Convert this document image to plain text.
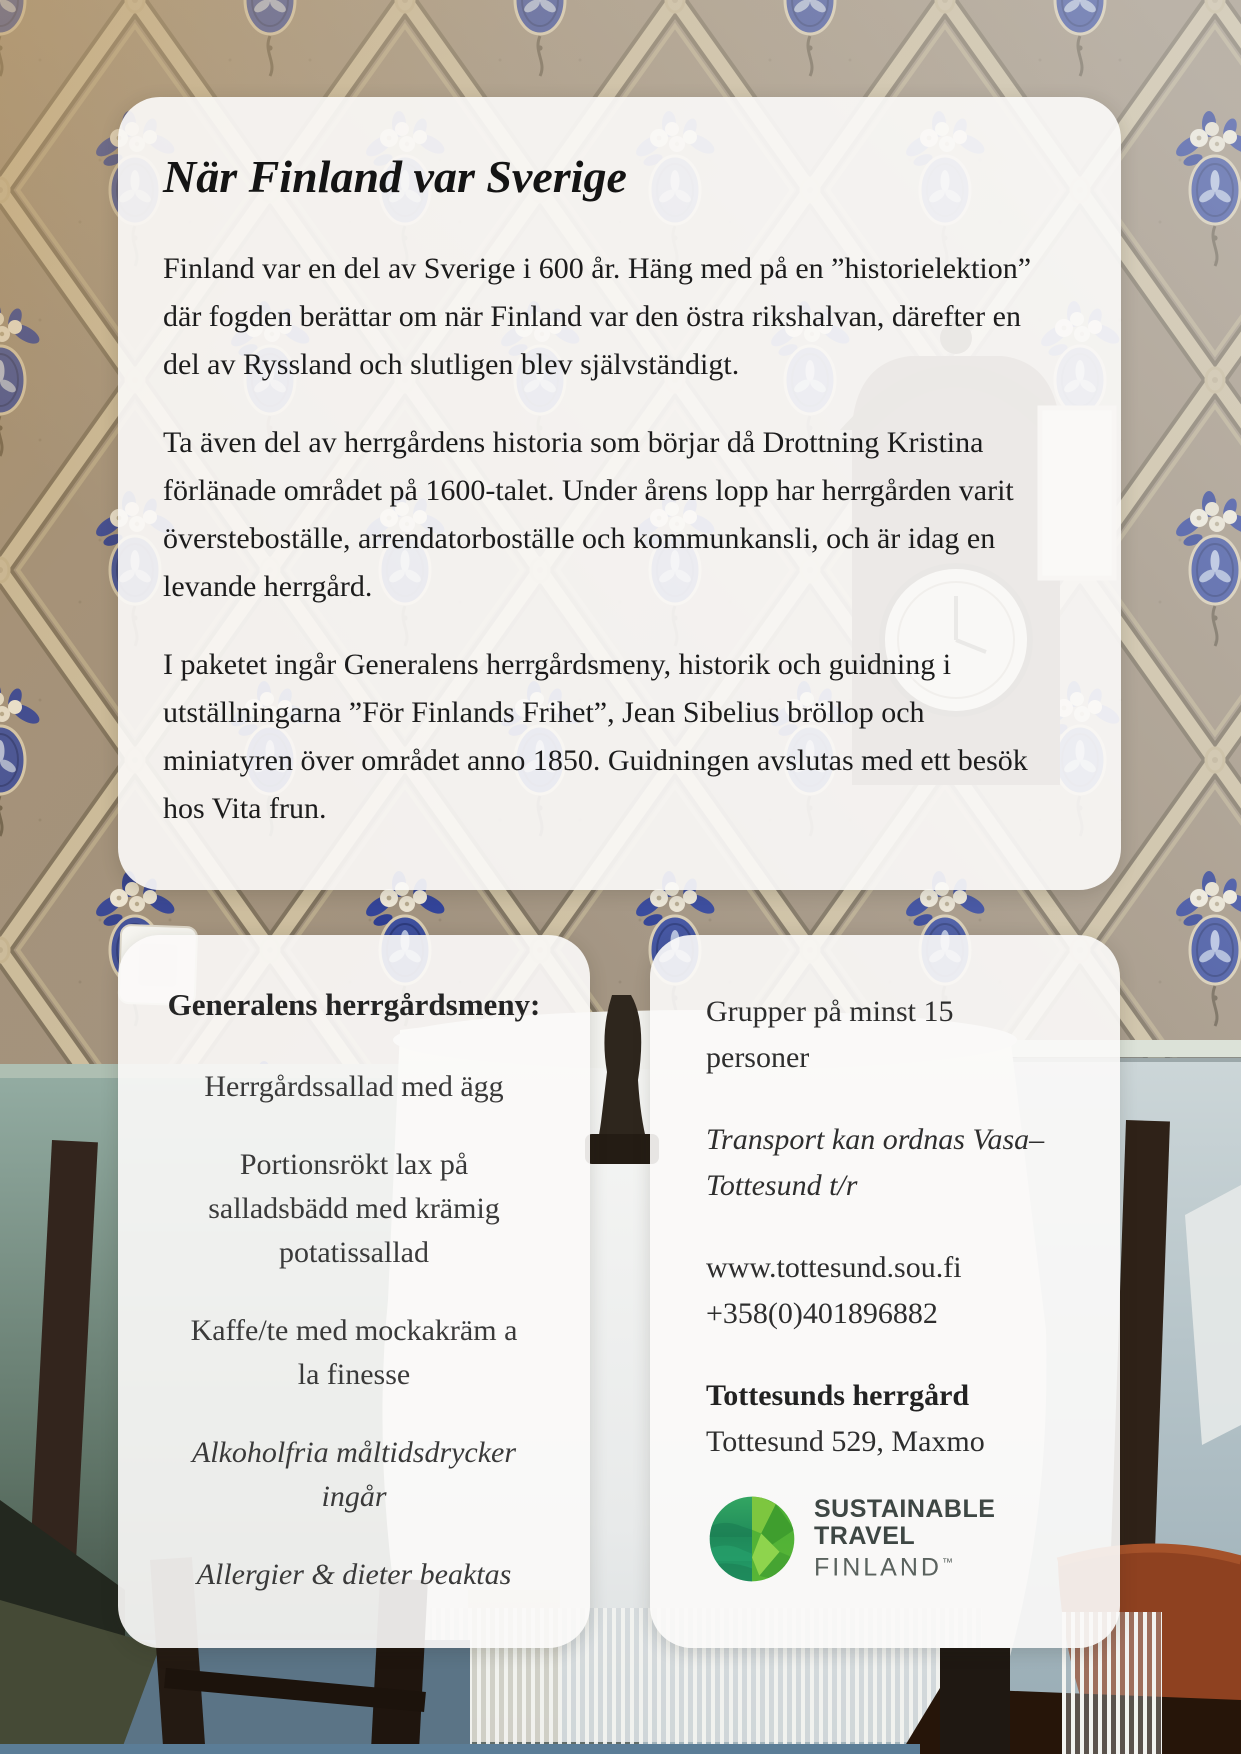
När Finland var Sverige

Finland var en del av Sverige i 600 år. Häng med på en ”historielektion” där fogden berättar om när Finland var den östra rikshalvan, därefter en del av Ryssland och slutligen blev självständigt.

Ta även del av herrgårdens historia som börjar då Drottning Kristina förlänade området på 1600-talet. Under årens lopp har herrgården varit översteboställe, arrendatorboställe och kommunkansli, och är idag en levande herrgård.

I paketet ingår Generalens herrgårdsmeny, historik och guidning i utställningarna ”För Finlands Frihet”, Jean Sibelius bröllop och miniatyren över området anno 1850. Guidningen avslutas med ett besök hos Vita frun.

Generalens herrgårdsmeny:

Herrgårdssallad med ägg

Portionsrökt lax på salladsbädd med krämig potatissallad

Kaffe/te med mockakräm a la finesse

Alkoholfria måltidsdrycker ingår

Allergier & dieter beaktas

Grupper på minst 15 personer

Transport kan ordnas Vasa–Tottesund t/r

www.tottesund.sou.fi
+358(0)401896882

Tottesunds herrgård
Tottesund 529, Maxmo

SUSTAINABLE
TRAVEL
FINLAND™
